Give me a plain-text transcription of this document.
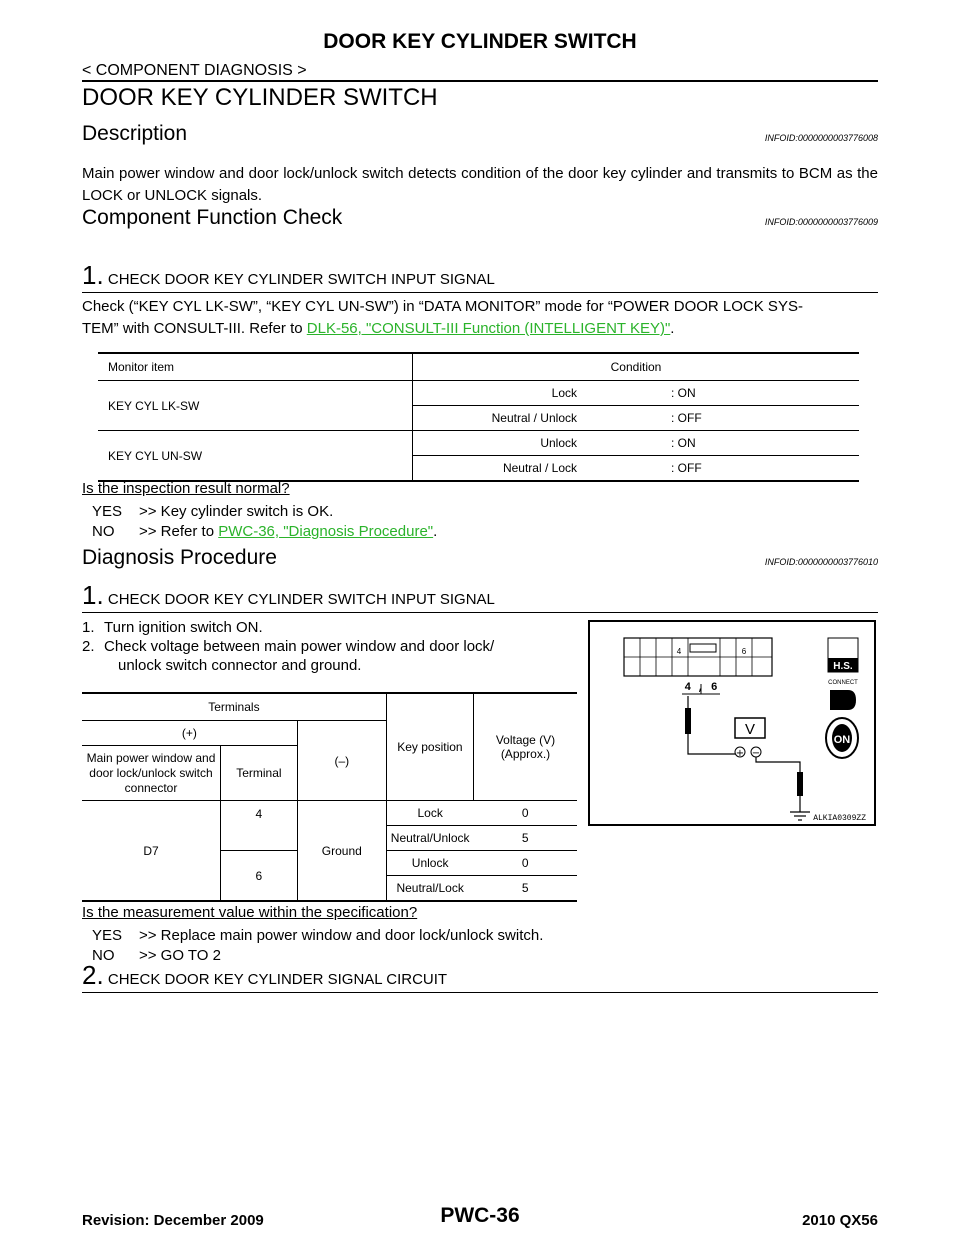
DOOR KEY CYLINDER SWITCH
< COMPONENT DIAGNOSIS >
DOOR KEY CYLINDER SWITCH
Description	INFOID:0000000003776008
Main power window and door lock/unlock switch detects condition of the door key cylinder and transmits to BCM as the LOCK or UNLOCK signals.
Component Function Check	INFOID:0000000003776009
1. CHECK DOOR KEY CYLINDER SWITCH INPUT SIGNAL
Check (“KEY CYL LK-SW”, “KEY CYL UN-SW”) in “DATA MONITOR” mode for “POWER DOOR LOCK SYS-
TEM” with CONSULT-III. Refer to DLK-56, "CONSULT-III Function (INTELLIGENT KEY)".
Monitor item	Condition	
KEY CYL LK-SW	Lock	: ON
	Neutral / Unlock	: OFF
KEY CYL UN-SW	Unlock	: ON
	Neutral / Lock	: OFF
Is the inspection result normal?
YES >> Key cylinder switch is OK.
NO >> Refer to PWC-36, "Diagnosis Procedure".
Diagnosis Procedure	INFOID:0000000003776010
1. CHECK DOOR KEY CYLINDER SWITCH INPUT SIGNAL
1. Turn ignition switch ON.
2. Check voltage between main power window and door lock/
unlock switch connector and ground.
Terminals			Key position	Voltage (V)
(Approx.)

(+)		(–)		
Main power window and door lock/unlock switch connector	Terminal			
D7	4	Ground	Lock	0
			Neutral/Unlock	5
	6		Unlock	0
			Neutral/Lock	5
4	6
4 , 6
V
+ −
H.S.
CONNECT
ON
ALKIA0309ZZ
Is the measurement value within the specification?
YES >> Replace main power window and door lock/unlock switch.
NO >> GO TO 2
2. CHECK DOOR KEY CYLINDER SIGNAL CIRCUIT
Revision: December 2009	PWC-36	2010 QX56
